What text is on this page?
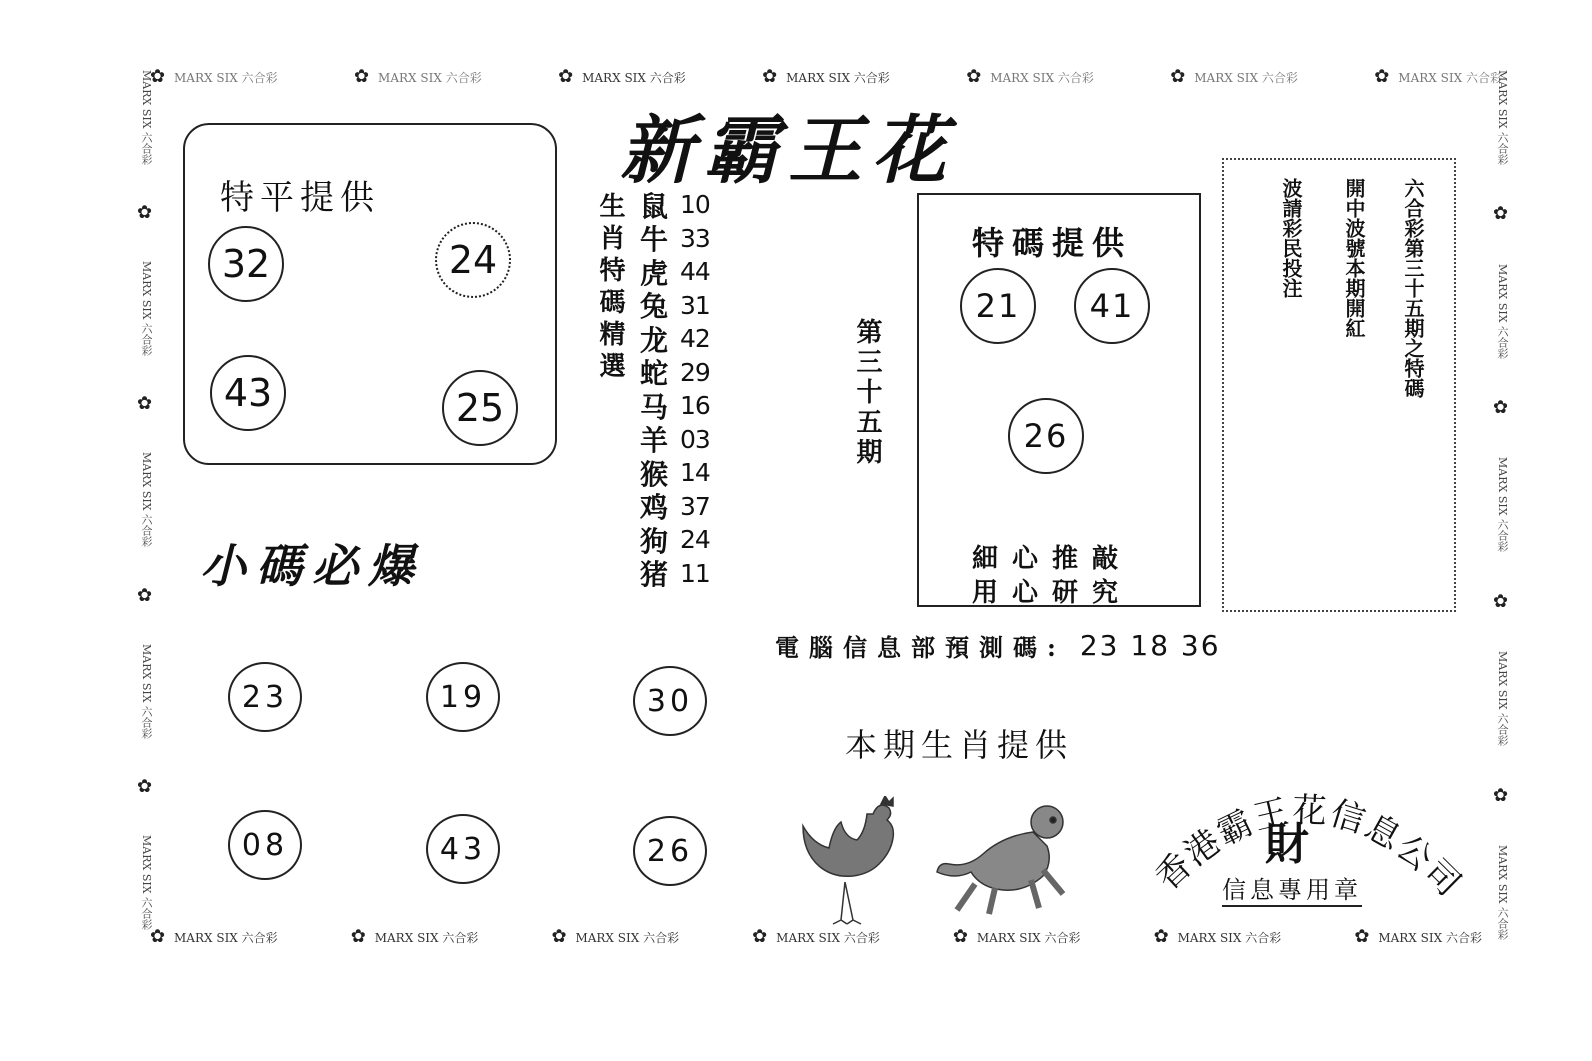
✿ MARX SIX 六合彩	✿ MARX SIX 六合彩	✿ MARX SIX 六合彩	✿ MARX SIX 六合彩	✿ MARX SIX 六合彩	✿ MARX SIX 六合彩	✿ MARX SIX 六合彩
✿ MARX SIX 六合彩	✿ MARX SIX 六合彩	✿ MARX SIX 六合彩	✿ MARX SIX 六合彩	✿ MARX SIX 六合彩	✿ MARX SIX 六合彩	✿ MARX SIX 六合彩
MARX SIX 六合彩
✿
MARX SIX 六合彩
✿
MARX SIX 六合彩
✿
MARX SIX 六合彩
✿
MARX SIX 六合彩
MARX SIX 六合彩
✿
MARX SIX 六合彩
✿
MARX SIX 六合彩
✿
MARX SIX 六合彩
✿
MARX SIX 六合彩
新霸王花
特平提供
32	24
43	25
生肖特碼精選 鼠 10
牛 33
虎 44
兔 31
龙 42
蛇 29
马 16
羊 03
猴 14
鸡 37
狗 24
猪 11
第三十五期
特碼提供
21	41
26
細心推敲
用心研究
六合彩第三十五期之特碼
開中波號本期開紅
波請彩民投注
小碼必爆
23	19	30
08	43	26
電腦信息部預測碼: 23 18 36
本期生肖提供
香港霸王花信息公司
財
信息專用章
